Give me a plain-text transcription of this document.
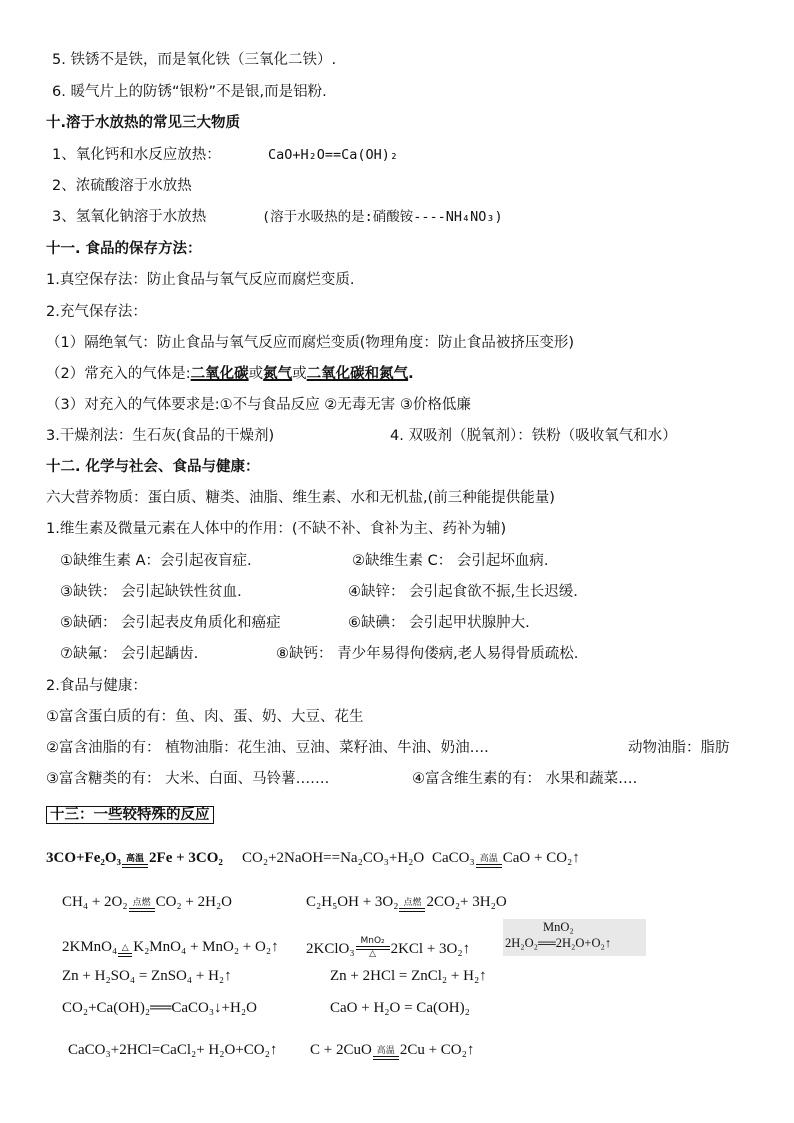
5. 铁锈不是铁，而是氧化铁（三氧化二铁）.
6. 暖气片上的防锈“银粉”不是银,而是铝粉.
十.溶于水放热的常见三大物质
1、氧化钙和水反应放热：	CaO+H₂O==Ca(OH)₂
2、浓硫酸溶于水放热
3、氢氧化钠溶于水放热	(溶于水吸热的是:硝酸铵----NH₄NO₃)
十一. 食品的保存方法：
1.真空保存法：防止食品与氧气反应而腐烂变质.
2.充气保存法：
（1）隔绝氧气：防止食品与氧气反应而腐烂变质(物理角度：防止食品被挤压变形)
（2）常充入的气体是:二氧化碳或氮气或二氧化碳和氮气.
（3）对充入的气体要求是:①不与食品反应 ②无毒无害 ③价格低廉
3.干燥剂法：生石灰(食品的干燥剂)	4. 双吸剂（脱氧剂）：铁粉（吸收氧气和水）
十二. 化学与社会、食品与健康：
六大营养物质：蛋白质、糖类、油脂、维生素、水和无机盐,(前三种能提供能量)
1.维生素及微量元素在人体中的作用：(不缺不补、食补为主、药补为辅)
①缺维生素 A：会引起夜盲症.	②缺维生素 C： 会引起坏血病.
③缺铁： 会引起缺铁性贫血.	④缺锌： 会引起食欲不振,生长迟缓.
⑤缺硒： 会引起表皮角质化和癌症	⑥缺碘： 会引起甲状腺肿大.
⑦缺氟： 会引起龋齿.	⑧缺钙： 青少年易得佝偻病,老人易得骨质疏松.
2.食品与健康：
①富含蛋白质的有：鱼、肉、蛋、奶、大豆、花生
②富含油脂的有： 植物油脂：花生油、豆油、菜籽油、牛油、奶油….	动物油脂：脂肪
③富含糖类的有： 大米、白面、马铃薯…….	④富含维生素的有： 水果和蔬菜….
十三：一些较特殊的反应
3CO+Fe₂O₃ 高温 2Fe + 3CO₂ CO₂+2NaOH==Na₂CO₃+H₂O CaCO₃ 高温 CaO + CO₂↑
CH₄ + 2O₂ 点燃 CO₂ + 2H₂O	C₂H₅OH + 3O₂ 点燃 2CO₂+ 3H₂O
2KMnO₄ △ K₂MnO₄ + MnO₂ + O₂↑ 2KClO₃ MnO₂
△ 2KCl + 3O₂↑
MnO₂
2H₂O₂══2H₂O+O₂↑
Zn + H₂SO₄ = ZnSO₄ + H₂↑	Zn + 2HCl = ZnCl₂ + H₂↑
CO₂+Ca(OH)₂══CaCO₃↓+H₂O	CaO + H₂O = Ca(OH)₂
CaCO₃+2HCl=CaCl₂+ H₂O+CO₂↑ C + 2CuO 高温 2Cu + CO₂↑
